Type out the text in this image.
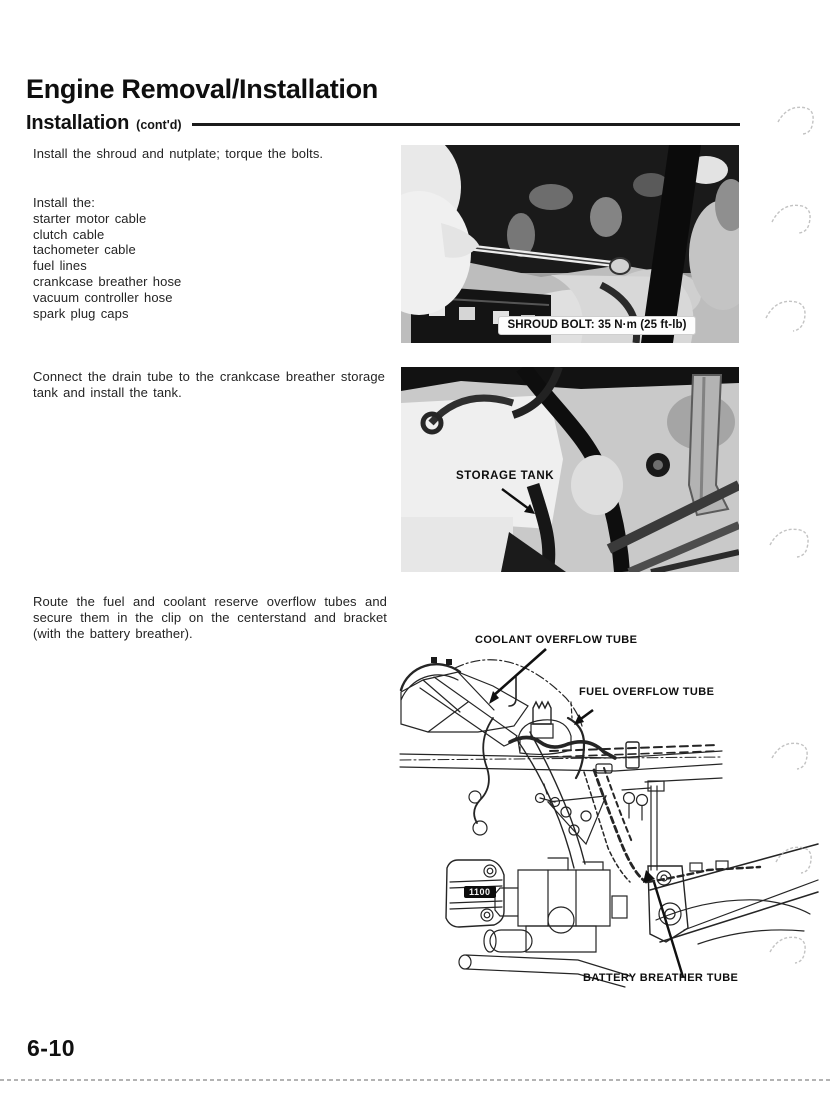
Engine Removal/Installation
Installation (cont'd)
Install the shroud and nutplate; torque the bolts.
Install the:
starter motor cable
clutch cable
tachometer cable
fuel lines
crankcase breather hose
vacuum controller hose
spark plug caps
SHROUD BOLT: 35 N·m (25 ft-lb)
Connect the drain tube to the crankcase breather storage tank and install the tank.
STORAGE TANK
Route the fuel and coolant reserve overflow tubes and secure them in the clip on the centerstand and bracket (with the battery breather).	COOLANT OVERFLOW TUBE
FUEL OVERFLOW TUBE
BATTERY BREATHER TUBE
1100
6-10
